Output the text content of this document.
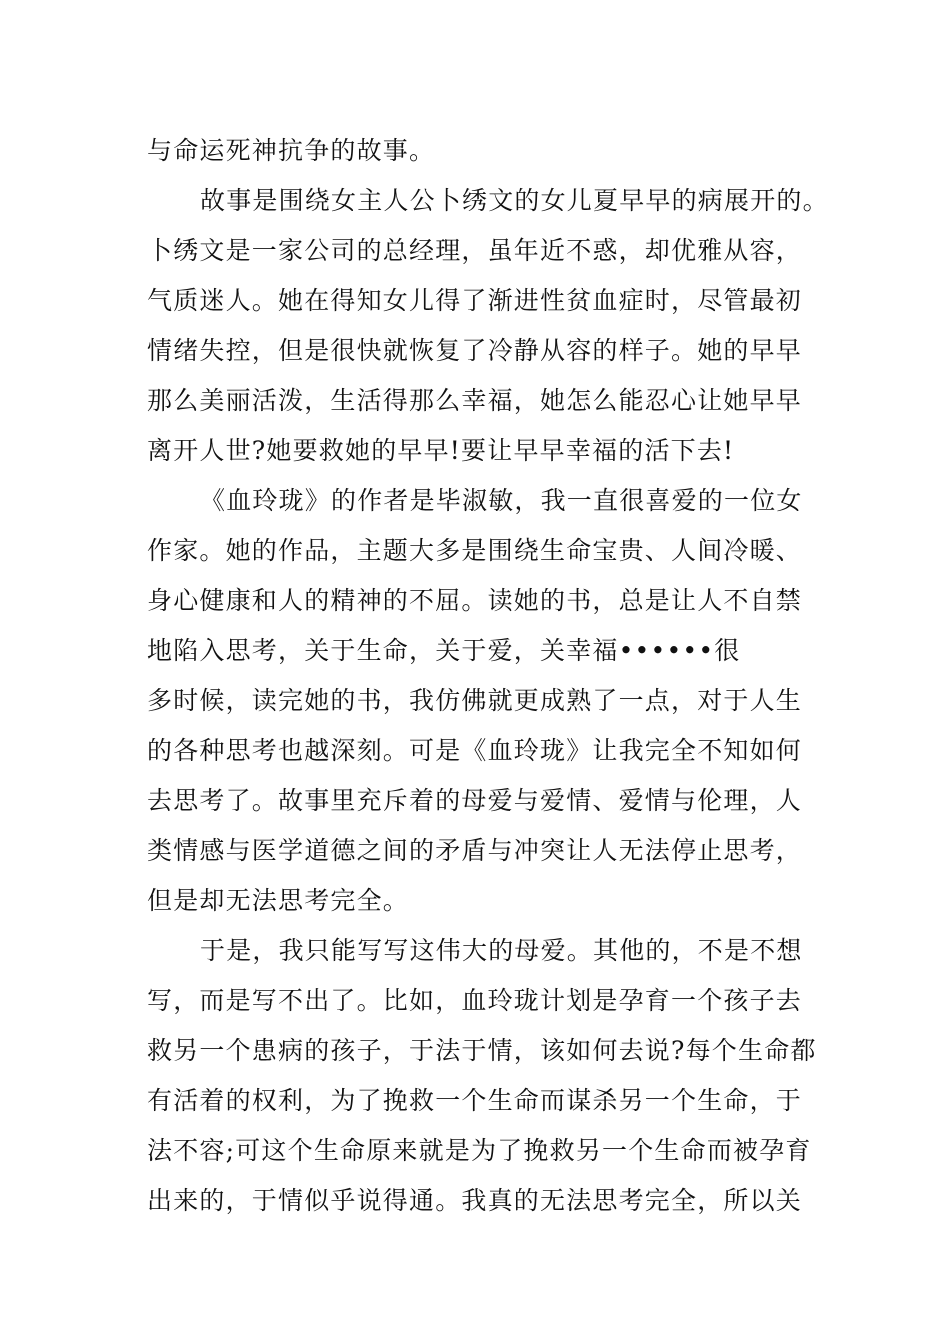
与命运死神抗争的故事。
故事是围绕女主人公卜绣文的女儿夏早早的病展开的。
卜绣文是一家公司的总经理，虽年近不惑，却优雅从容，
气质迷人。她在得知女儿得了渐进性贫血症时，尽管最初
情绪失控，但是很快就恢复了冷静从容的样子。她的早早
那么美丽活泼，生活得那么幸福，她怎么能忍心让她早早
离开人世?她要救她的早早!要让早早幸福的活下去!
《血玲珑》的作者是毕淑敏，我一直很喜爱的一位女
作家。她的作品，主题大多是围绕生命宝贵、人间冷暖、
身心健康和人的精神的不屈。读她的书，总是让人不自禁
地陷入思考，关于生命，关于爱，关幸福••••••很
多时候，读完她的书，我仿佛就更成熟了一点，对于人生
的各种思考也越深刻。可是《血玲珑》让我完全不知如何
去思考了。故事里充斥着的母爱与爱情、爱情与伦理，人
类情感与医学道德之间的矛盾与冲突让人无法停止思考，
但是却无法思考完全。
于是，我只能写写这伟大的母爱。其他的，不是不想
写，而是写不出了。比如，血玲珑计划是孕育一个孩子去
救另一个患病的孩子，于法于情，该如何去说?每个生命都
有活着的权利，为了挽救一个生命而谋杀另一个生命，于
法不容;可这个生命原来就是为了挽救另一个生命而被孕育
出来的，于情似乎说得通。我真的无法思考完全，所以关
